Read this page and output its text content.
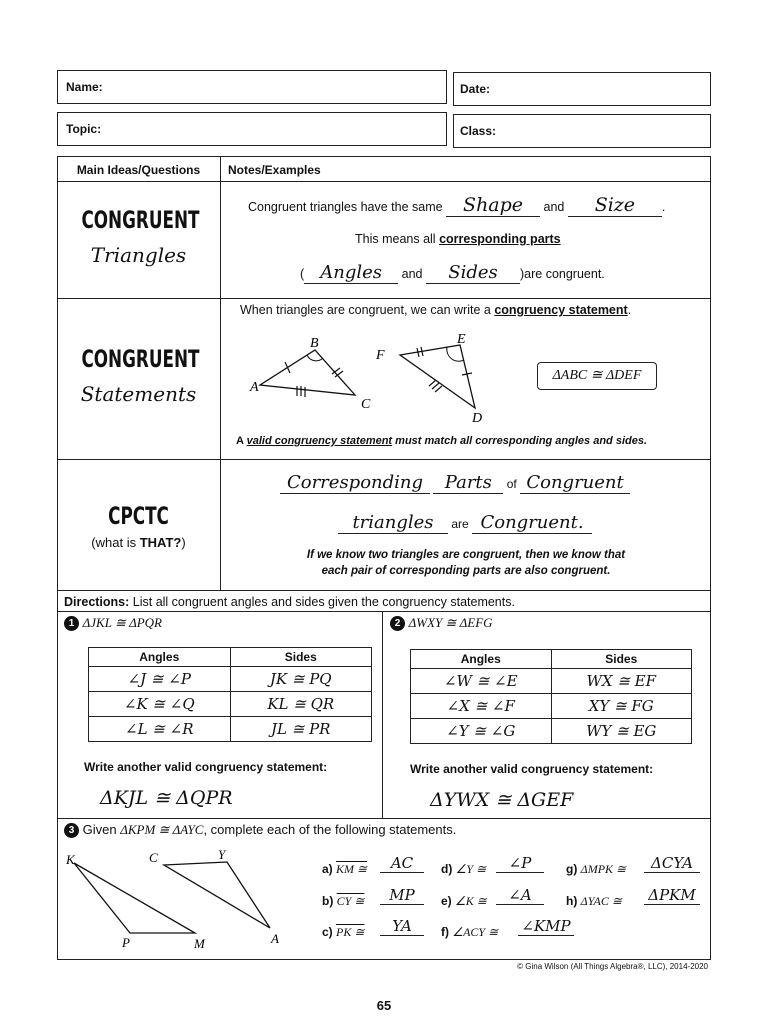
Name:	Date:
Topic:	Class:
Main Ideas/Questions	Notes/Examples
CONGRUENT
Triangles
Congruent triangles have the same Shape and Size .
This means all corresponding parts
( Angles and Sides )are congruent.
CONGRUENT
Statements
When triangles are congruent, we can write a congruency statement.
A
B
C
D
E
F
ΔABC ≅ ΔDEF
A valid congruency statement must match all corresponding angles and sides.
CPCTC
(what is THAT?)
Corresponding Parts of Congruent
triangles are Congruent.
If we know two triangles are congruent, then we know that
each pair of corresponding parts are also congruent.
Directions: List all congruent angles and sides given the congruency statements.
1 ΔJKL ≅ ΔPQR
Angles	Sides
∠J ≅ ∠P	JK ≅ PQ
∠K ≅ ∠Q	KL ≅ QR
∠L ≅ ∠R	JL ≅ PR
Write another valid congruency statement:
ΔKJL ≅ ΔQPR
2 ΔWXY ≅ ΔEFG
Angles	Sides
∠W ≅ ∠E	WX ≅ EF
∠X ≅ ∠F	XY ≅ FG
∠Y ≅ ∠G	WY ≅ EG
Write another valid congruency statement:
ΔYWX ≅ ΔGEF
3 Given ΔKPM ≅ ΔAYC, complete each of the following statements.
K	C	Y
P	M	A
a) KM ≅	AC
b) CY ≅	MP
c) PK ≅	YA
d) ∠Y ≅	∠P
e) ∠K ≅	∠A
f) ∠ACY ≅ ∠KMP
g) ΔMPK ≅	ΔCYA
h) ΔYAC ≅ ΔPKM
© Gina Wilson (All Things Algebra®, LLC), 2014-2020
65
